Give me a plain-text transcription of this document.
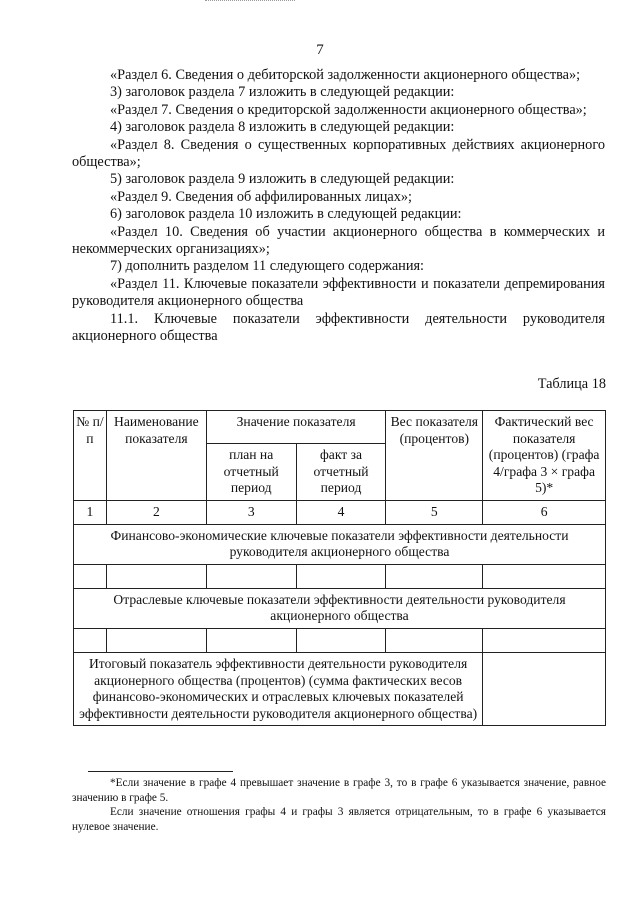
7

«Раздел 6. Сведения о дебиторской задолженности акционерного общества»;

3) заголовок раздела 7 изложить в следующей редакции:

«Раздел 7. Сведения о кредиторской задолженности акционерного общества»;

4) заголовок раздела 8 изложить в следующей редакции:

«Раздел 8. Сведения о существенных корпоративных действиях акционерного общества»;

5) заголовок раздела 9 изложить в следующей редакции:

«Раздел 9. Сведения об аффилированных лицах»;

6) заголовок раздела 10 изложить в следующей редакции:

«Раздел 10. Сведения об участии акционерного общества в коммерческих и некоммерческих организациях»;

7) дополнить разделом 11 следующего содержания:

«Раздел 11. Ключевые показатели эффективности и показатели депремирования руководителя акционерного общества

11.1. Ключевые показатели эффективности деятельности руководителя акционерного общества

Таблица 18
№ п/п	Наименование показателя	Значение показателя		Вес показателя (процентов)	Фактический вес показателя (процентов) (графа 4/графа 3 × графа 5)*
		план на отчетный период	факт за отчетный период		
1	2	3	4	5	6
Финансово-экономические ключевые показатели эффективности деятельности руководителя акционерного общества					

Отраслевые ключевые показатели эффективности деятельности руководителя акционерного общества					

Итоговый показатель эффективности деятельности руководителя акционерного общества (процентов) (сумма фактических весов финансово-экономических и отраслевых ключевых показателей эффективности деятельности руководителя акционерного общества)					

*Если значение в графе 4 превышает значение в графе 3, то в графе 6 указывается значение, равное значению в графе 5.

Если значение отношения графы 4 и графы 3 является отрицательным, то в графе 6 указывается нулевое значение.
